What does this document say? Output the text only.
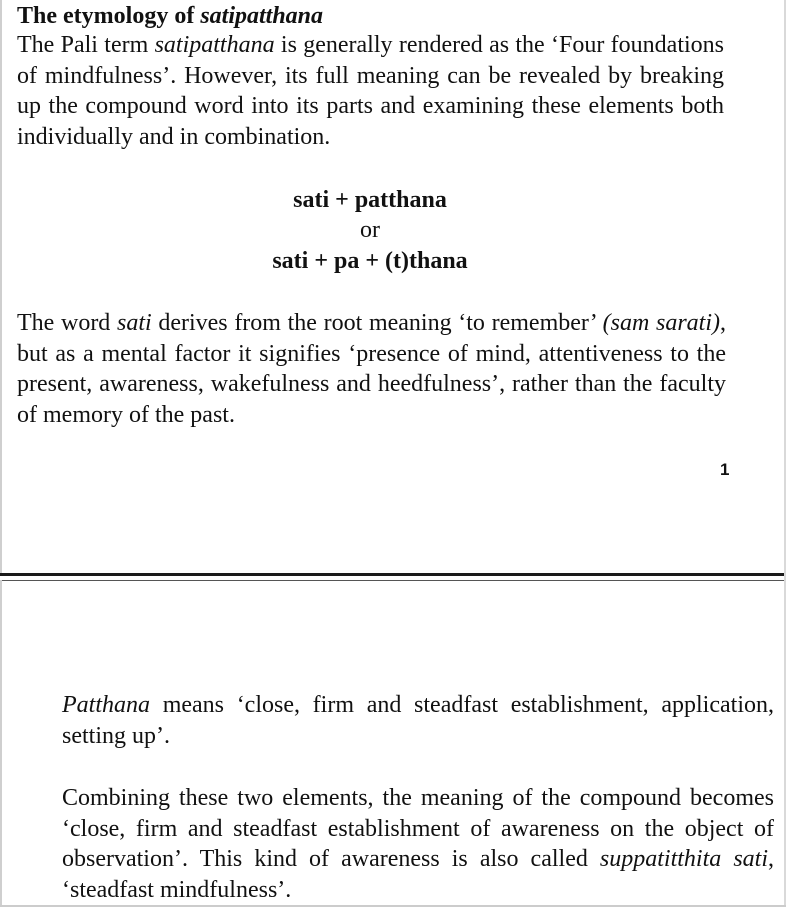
The etymology of satipatthana

The Pali term satipatthana is generally rendered as the ‘Four foundations of mindfulness’. However, its full meaning can be revealed by breaking up the compound word into its parts and examining these elements both individually and in combination.

sati + patthana
or
sati + pa + (t)thana

The word sati derives from the root meaning ‘to remember’ (sam sarati), but as a mental factor it signifies ‘presence of mind, attentiveness to the present, awareness, wakefulness and heedfulness’, rather than the faculty of memory of the past.

1

Patthana means ‘close, firm and steadfast establishment, application, setting up’.

Combining these two elements, the meaning of the compound becomes ‘close, firm and steadfast establishment of awareness on the object of observation’. This kind of awareness is also called suppatitthita sati, ‘steadfast mindfulness’.
